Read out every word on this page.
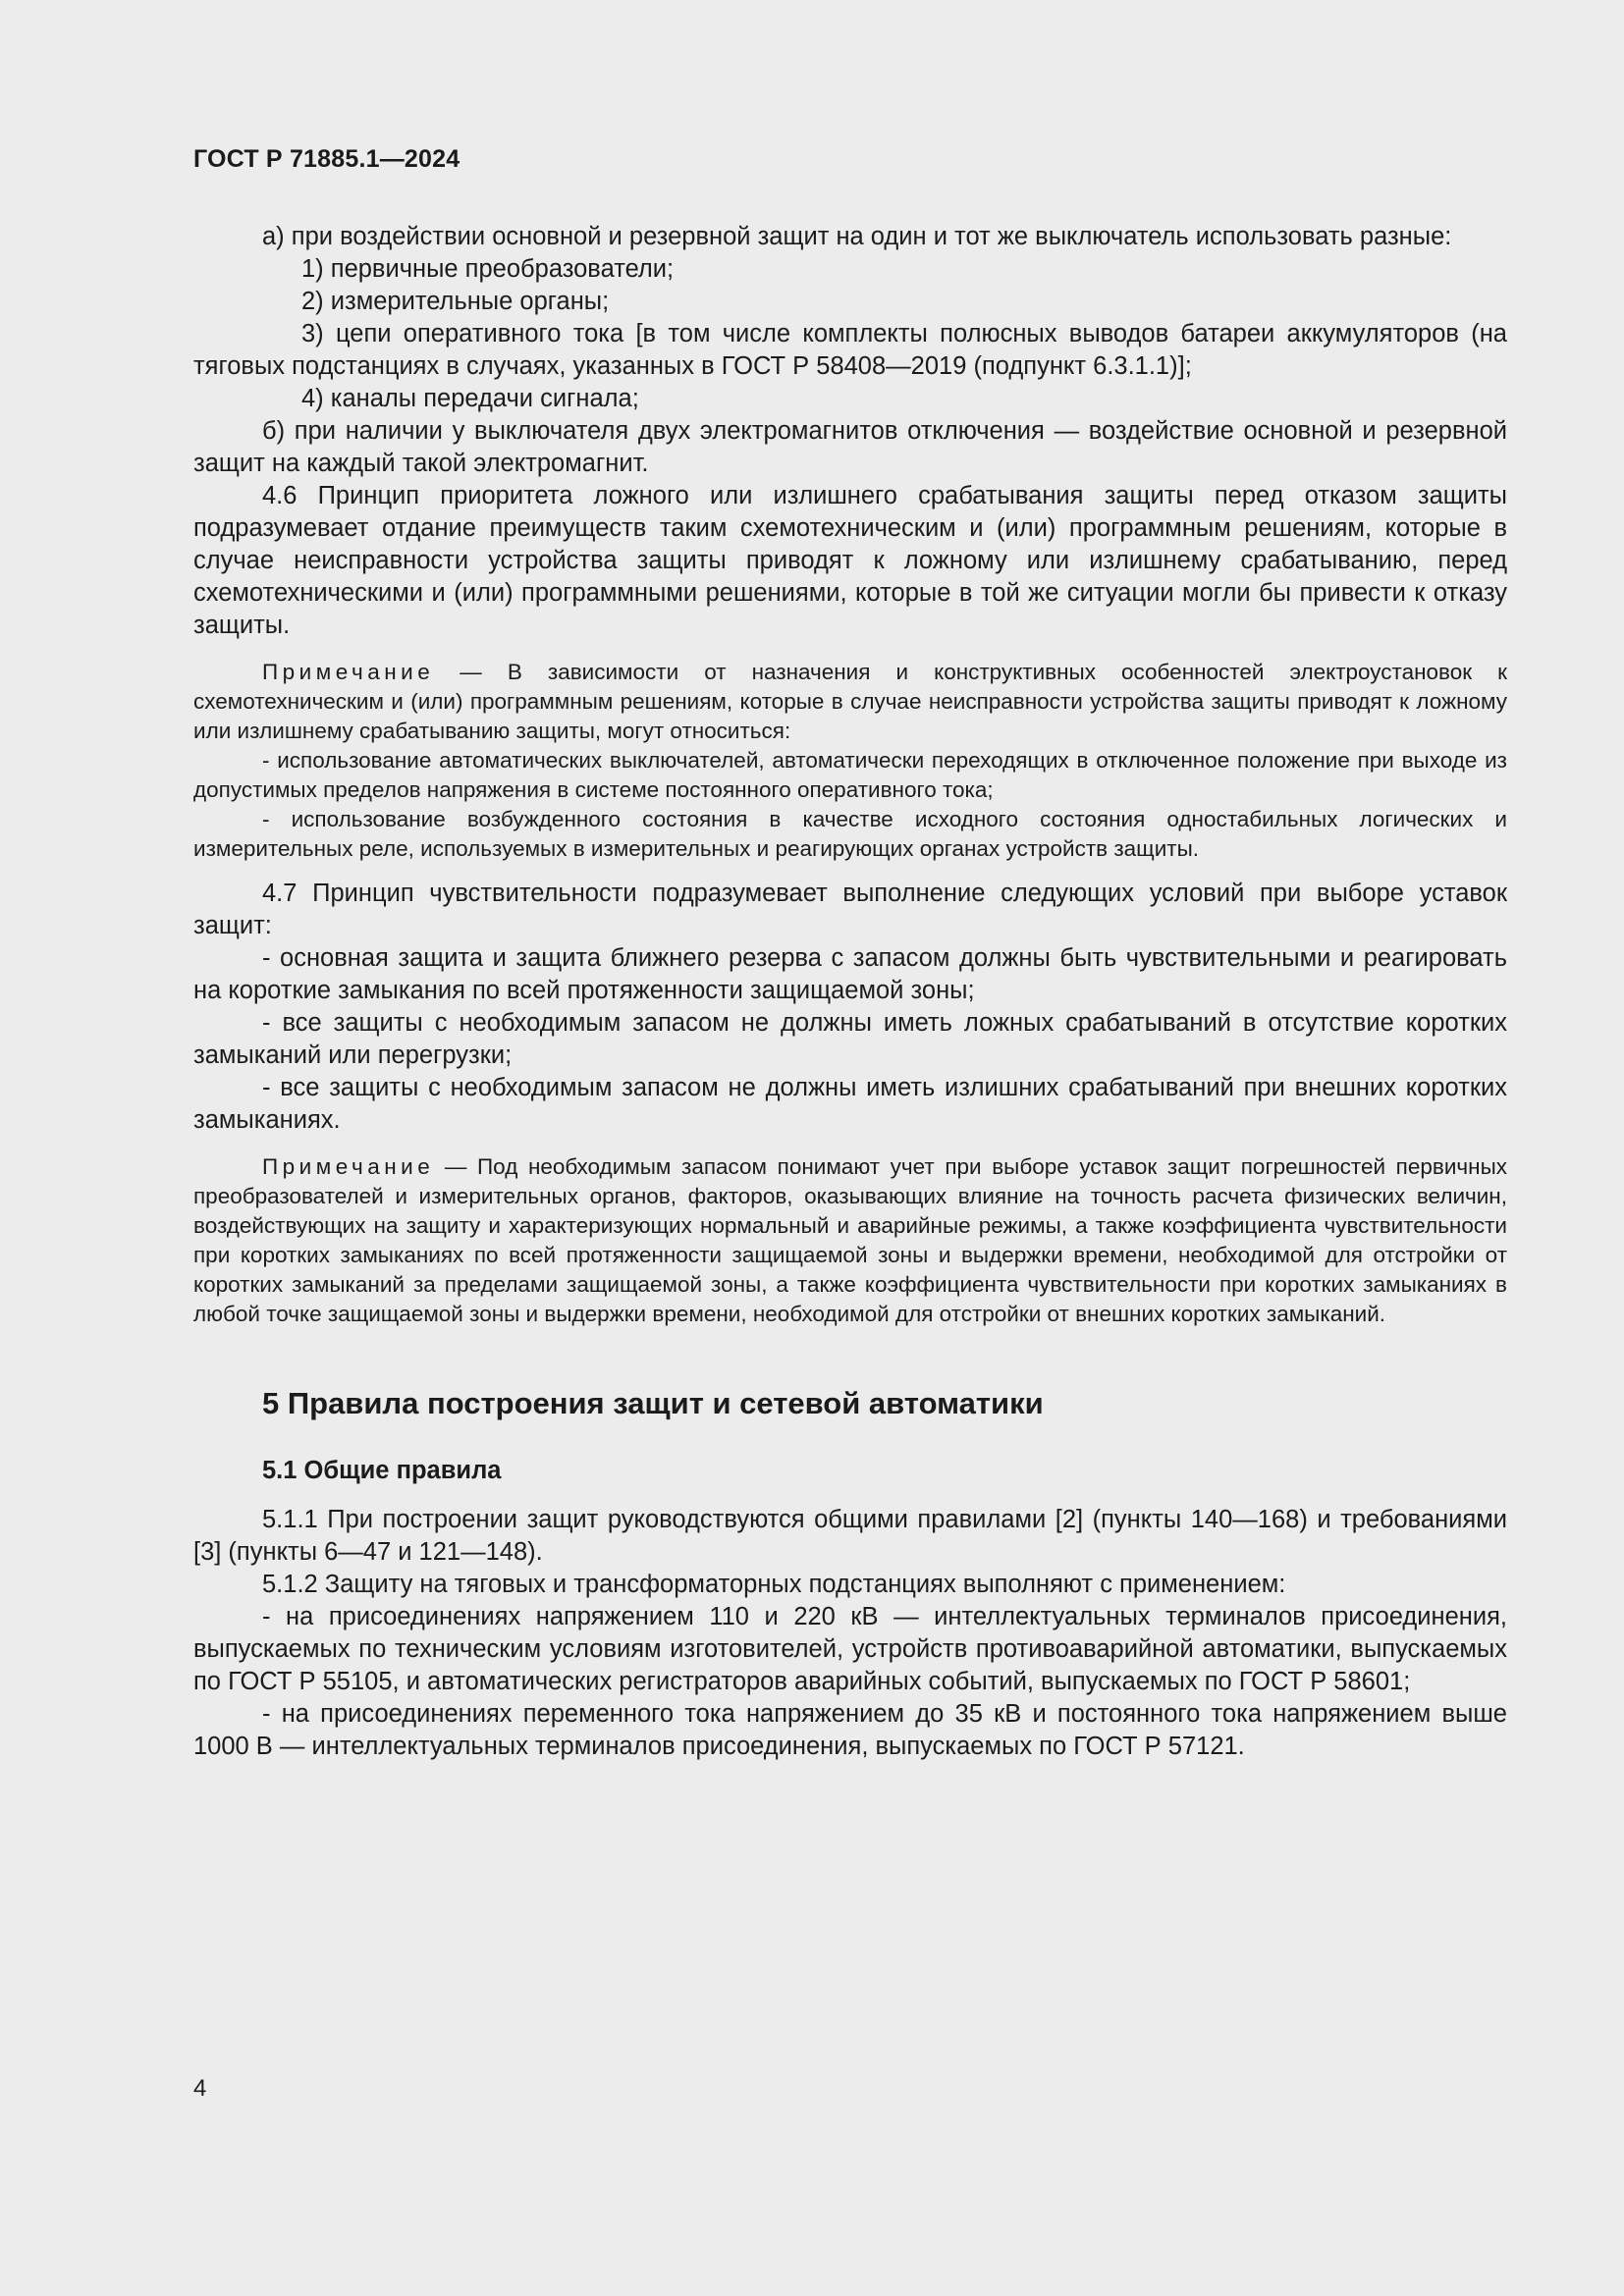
ГОСТ Р 71885.1—2024

а) при воздействии основной и резервной защит на один и тот же выключатель использовать разные:

1) первичные преобразователи;

2) измерительные органы;

3) цепи оперативного тока [в том числе комплекты полюсных выводов батареи аккумуляторов (на тяговых подстанциях в случаях, указанных в ГОСТ Р 58408—2019 (подпункт 6.3.1.1)];

4) каналы передачи сигнала;

б) при наличии у выключателя двух электромагнитов отключения — воздействие основной и резервной защит на каждый такой электромагнит.

4.6 Принцип приоритета ложного или излишнего срабатывания защиты перед отказом защиты подразумевает отдание преимуществ таким схемотехническим и (или) программным решениям, которые в случае неисправности устройства защиты приводят к ложному или излишнему срабатыванию, перед схемотехническими и (или) программными решениями, которые в той же ситуации могли бы привести к отказу защиты.

Примечание — В зависимости от назначения и конструктивных особенностей электроустановок к схемотехническим и (или) программным решениям, которые в случае неисправности устройства защиты приводят к ложному или излишнему срабатыванию защиты, могут относиться:

- использование автоматических выключателей, автоматически переходящих в отключенное положение при выходе из допустимых пределов напряжения в системе постоянного оперативного тока;

- использование возбужденного состояния в качестве исходного состояния одностабильных логических и измерительных реле, используемых в измерительных и реагирующих органах устройств защиты.

4.7 Принцип чувствительности подразумевает выполнение следующих условий при выборе уставок защит:

- основная защита и защита ближнего резерва с запасом должны быть чувствительными и реагировать на короткие замыкания по всей протяженности защищаемой зоны;

- все защиты с необходимым запасом не должны иметь ложных срабатываний в отсутствие коротких замыканий или перегрузки;

- все защиты с необходимым запасом не должны иметь излишних срабатываний при внешних коротких замыканиях.

Примечание — Под необходимым запасом понимают учет при выборе уставок защит погрешностей первичных преобразователей и измерительных органов, факторов, оказывающих влияние на точность расчета физических величин, воздействующих на защиту и характеризующих нормальный и аварийные режимы, а также коэффициента чувствительности при коротких замыканиях по всей протяженности защищаемой зоны и выдержки времени, необходимой для отстройки от коротких замыканий за пределами защищаемой зоны, а также коэффициента чувствительности при коротких замыканиях в любой точке защищаемой зоны и выдержки времени, необходимой для отстройки от внешних коротких замыканий.

5 Правила построения защит и сетевой автоматики
5.1 Общие правила

5.1.1 При построении защит руководствуются общими правилами [2] (пункты 140—168) и требованиями [3] (пункты 6—47 и 121—148).

5.1.2 Защиту на тяговых и трансформаторных подстанциях выполняют с применением:

- на присоединениях напряжением 110 и 220 кВ — интеллектуальных терминалов присоединения, выпускаемых по техническим условиям изготовителей, устройств противоаварийной автоматики, выпускаемых по ГОСТ Р 55105, и автоматических регистраторов аварийных событий, выпускаемых по ГОСТ Р 58601;

- на присоединениях переменного тока напряжением до 35 кВ и постоянного тока напряжением выше 1000 В — интеллектуальных терминалов присоединения, выпускаемых по ГОСТ Р 57121.

4
